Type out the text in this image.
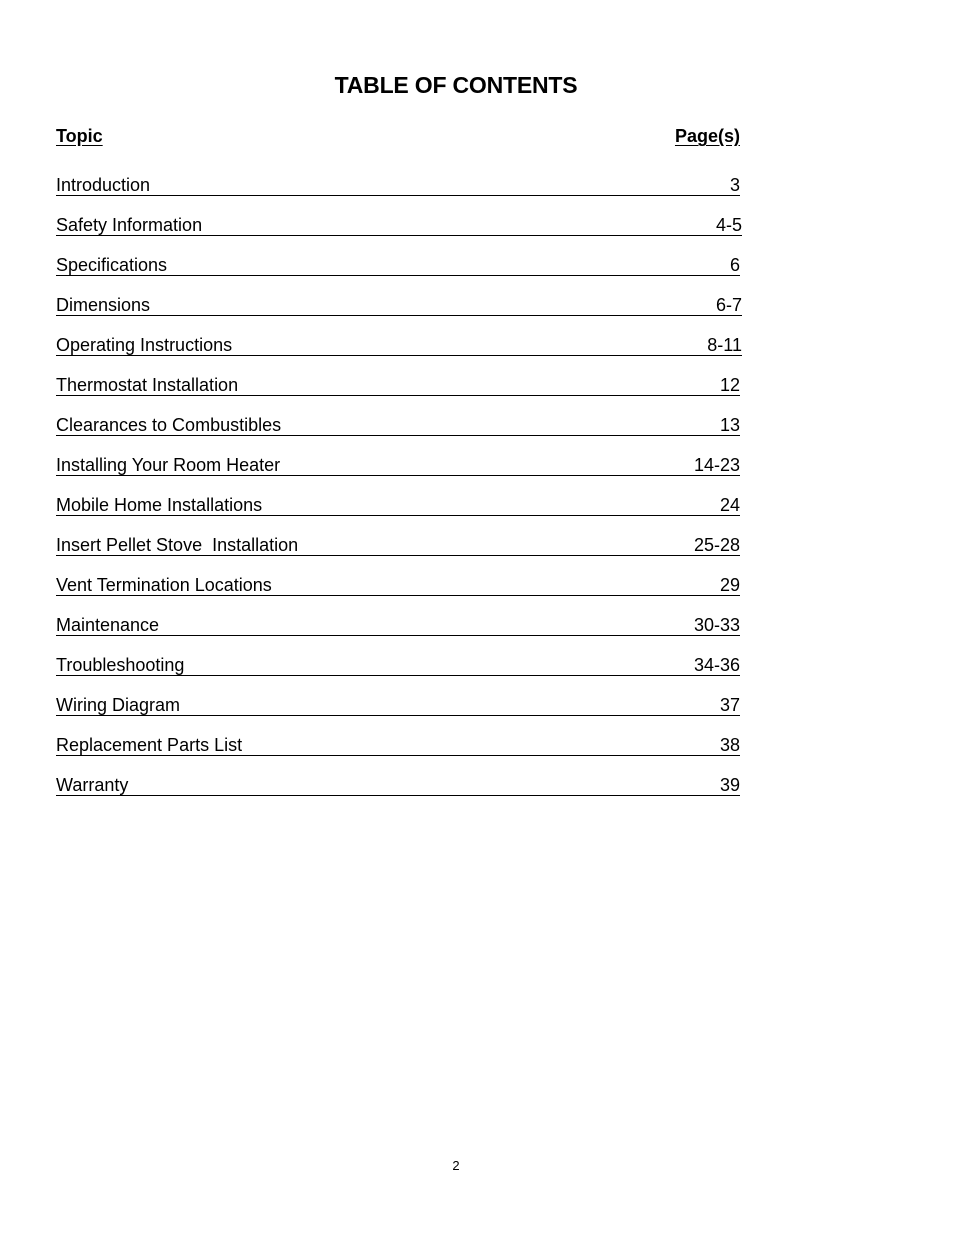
TABLE OF CONTENTS
Topic	Page(s)
Introduction	3
Safety Information	4-5
Specifications	6
Dimensions	6-7
Operating Instructions	8-11
Thermostat Installation	12
Clearances to Combustibles	13
Installing Your Room Heater	14-23
Mobile Home Installations	24
Insert Pellet Stove  Installation	25-28
Vent Termination Locations	29
Maintenance	30-33
Troubleshooting	34-36
Wiring Diagram	37
Replacement Parts List	38
Warranty	39
2
